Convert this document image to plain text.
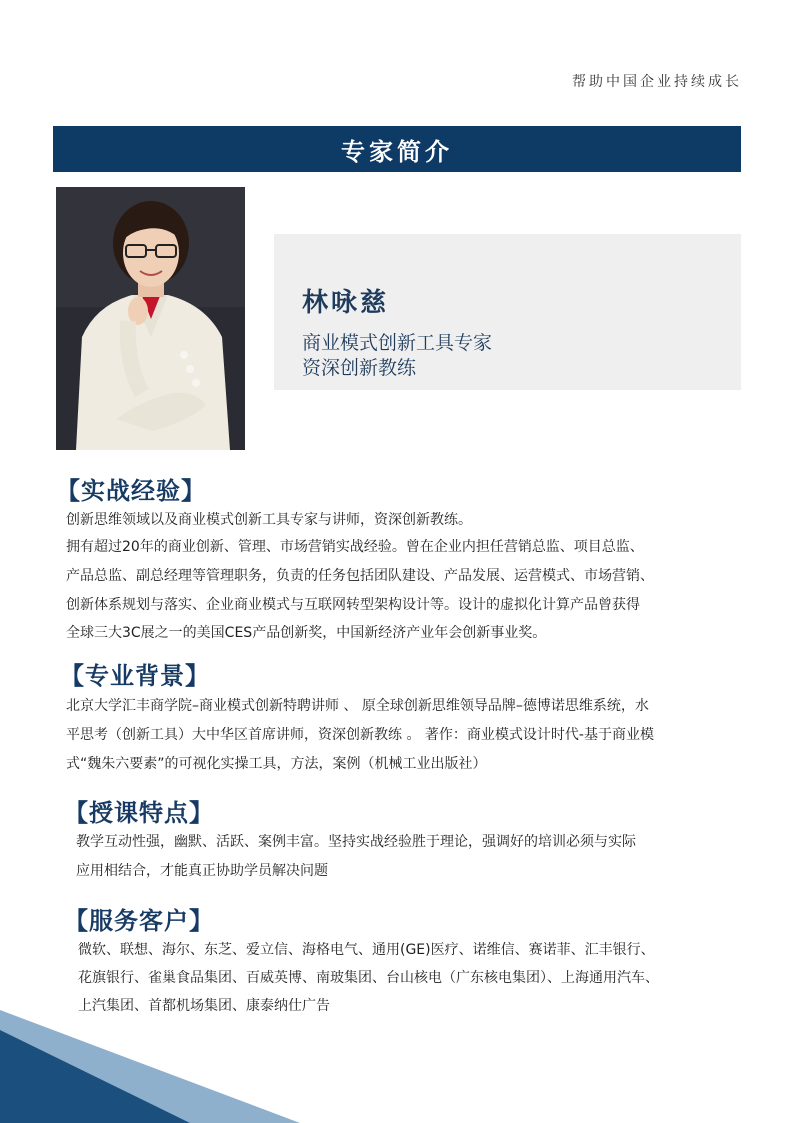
帮助中国企业持续成长
专家简介
林咏慈
商业模式创新工具专家
资深创新教练
【实战经验】
创新思维领域以及商业模式创新工具专家与讲师，资深创新教练。
拥有超过20年的商业创新、管理、市场营销实战经验。曾在企业内担任营销总监、项目总监、
产品总监、副总经理等管理职务，负责的任务包括团队建设、产品发展、运营模式、市场营销、
创新体系规划与落实、企业商业模式与互联网转型架构设计等。设计的虚拟化计算产品曾获得
全球三大3C展之一的美国CES产品创新奖，中国新经济产业年会创新事业奖。
【专业背景】
北京大学汇丰商学院–商业模式创新特聘讲师 、 原全球创新思维领导品牌–德博诺思维系统，水
平思考（创新工具）大中华区首席讲师，资深创新教练 。 著作：商业模式设计时代-基于商业模
式“魏朱六要素”的可视化实操工具，方法，案例（机械工业出版社）
【授课特点】
教学互动性强，幽默、活跃、案例丰富。坚持实战经验胜于理论，强调好的培训必须与实际
应用相结合，才能真正协助学员解决问题
【服务客户】
微软、联想、海尔、东芝、爱立信、海格电气、通用(GE)医疗、诺维信、赛诺菲、汇丰银行、
花旗银行、雀巢食品集团、百威英博、南玻集团、台山核电（广东核电集团）、上海通用汽车、
上汽集团、首都机场集团、康泰纳仕广告
